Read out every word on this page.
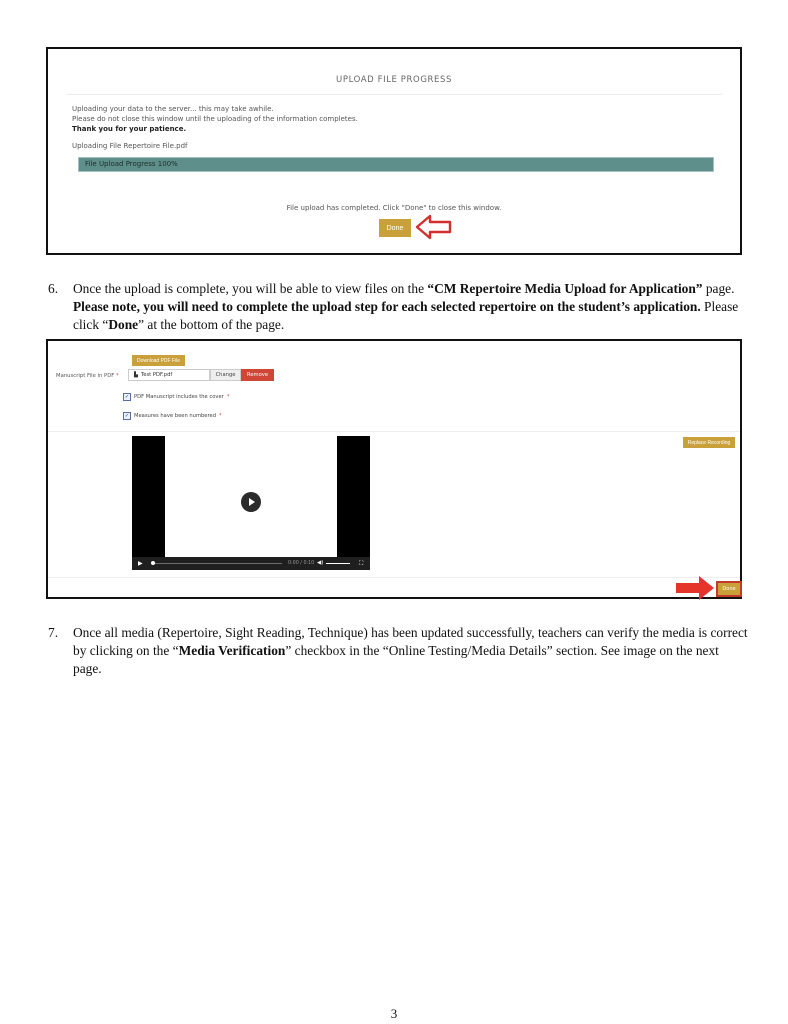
UPLOAD FILE PROGRESS
Uploading your data to the server... this may take awhile.
Please do not close this window until the uploading of the information completes.
Thank you for your patience.
Uploading File Repertoire File.pdf
File Upload Progress 100%
File upload has completed. Click "Done" to close this window.
Done
6.	Once the upload is complete, you will be able to view files on the “CM Repertoire Media Upload for Application” page. Please note, you will need to complete the upload step for each selected repertoire on the student’s application. Please click “Done” at the bottom of the page.
Download PDF File
Manuscript File in PDF *	▙ Test PDF.pdf	Change	Remove
✓ PDF Manuscript includes the cover *
✓ Measures have been numbered *
▶	0:00 / 0:10 ◀)	⛶
Replace Recording
Done
7.	Once all media (Repertoire, Sight Reading, Technique) has been updated successfully, teachers can verify the media is correct by clicking on the “Media Verification” checkbox in the “Online Testing/Media Details” section. See image on the next page.
3
